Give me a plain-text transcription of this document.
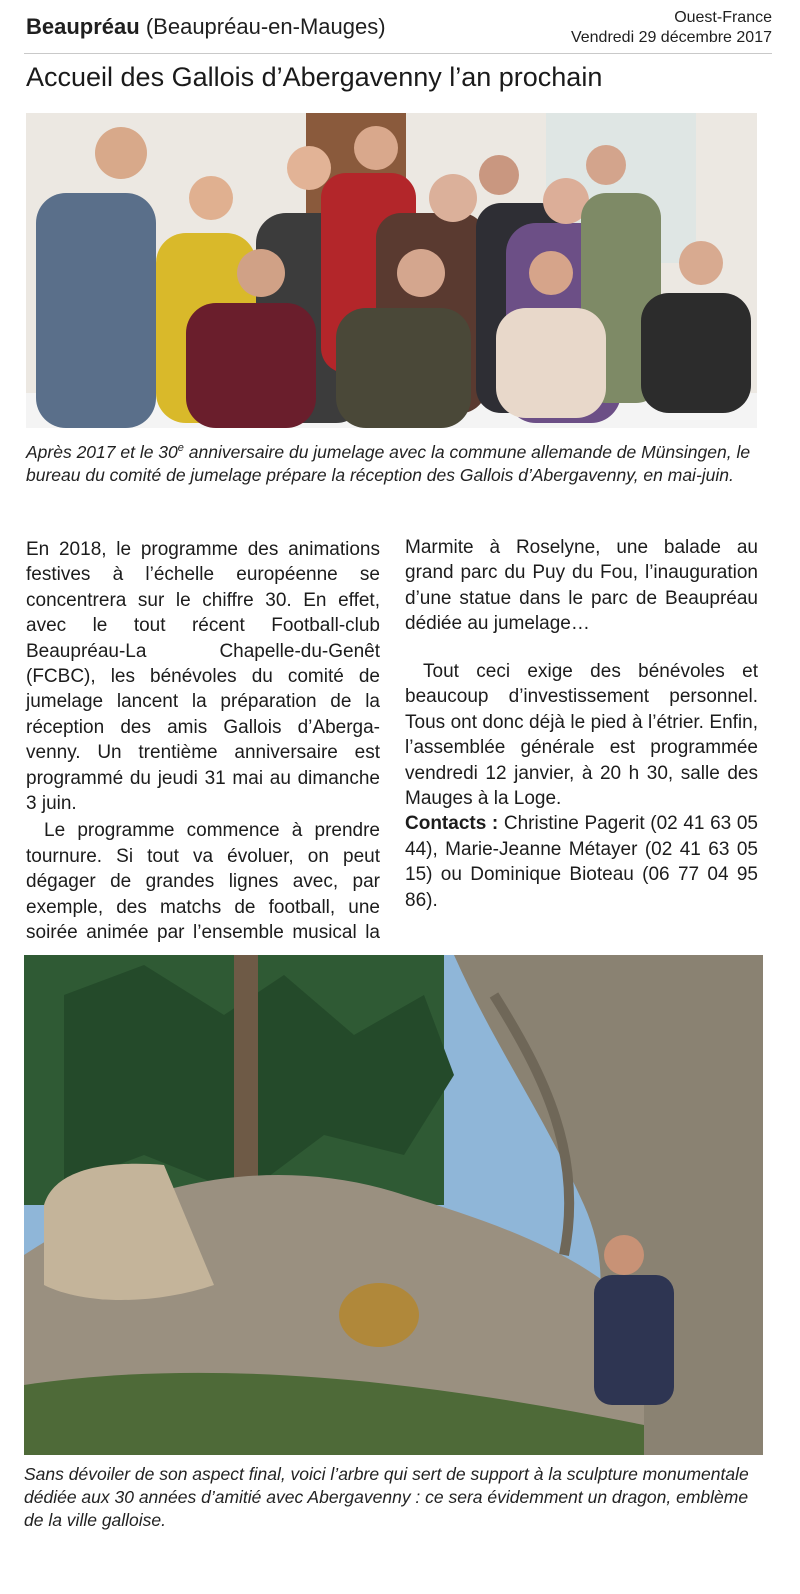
Beaupréau (Beaupréau-en-Mauges)	Ouest-France
Vendredi 29 décembre 2017
Accueil des Gallois d’Abergavenny l’an prochain

Après 2017 et le 30e anniversaire du jumelage avec la commune allemande de Münsingen, le bureau du comité de jumelage prépare la réception des Gallois d’Abergavenny, en mai-juin.

En 2018, le programme des animations festives à l’échelle européenne se concentrera sur le chiffre 30. En effet, avec le tout récent Football-club Beaupréau-La Chapelle-du-Genêt (FCBC), les bénévoles du comité de jumelage lancent la préparation de la réception des amis Gallois d’Abergavenny. Un trentième anniversaire est programmé du jeudi 31 mai au dimanche 3 juin.

Le programme commence à prendre tournure. Si tout va évoluer, on peut dégager de grandes lignes avec, par exemple, des matchs de football, une soirée animée par l’ensemble musical la

Marmite à Roselyne, une balade au grand parc du Puy du Fou, l’inauguration d’une statue dans le parc de Beaupréau dédiée au jumelage…

Tout ceci exige des bénévoles et beaucoup d’investissement personnel. Tous ont donc déjà le pied à l’étrier. Enfin, l’assemblée générale est programmée vendredi 12 janvier, à 20 h 30, salle des Mauges à la Loge.

Contacts : Christine Pagerit (02 41 63 05 44), Marie-Jeanne Métayer (02 41 63 05 15) ou Dominique Bioteau (06 77 04 95 86).

Sans dévoiler de son aspect final, voici l’arbre qui sert de support à la sculpture monumentale dédiée aux 30 années d’amitié avec Abergavenny : ce sera évidemment un dragon, emblème de la ville galloise.
